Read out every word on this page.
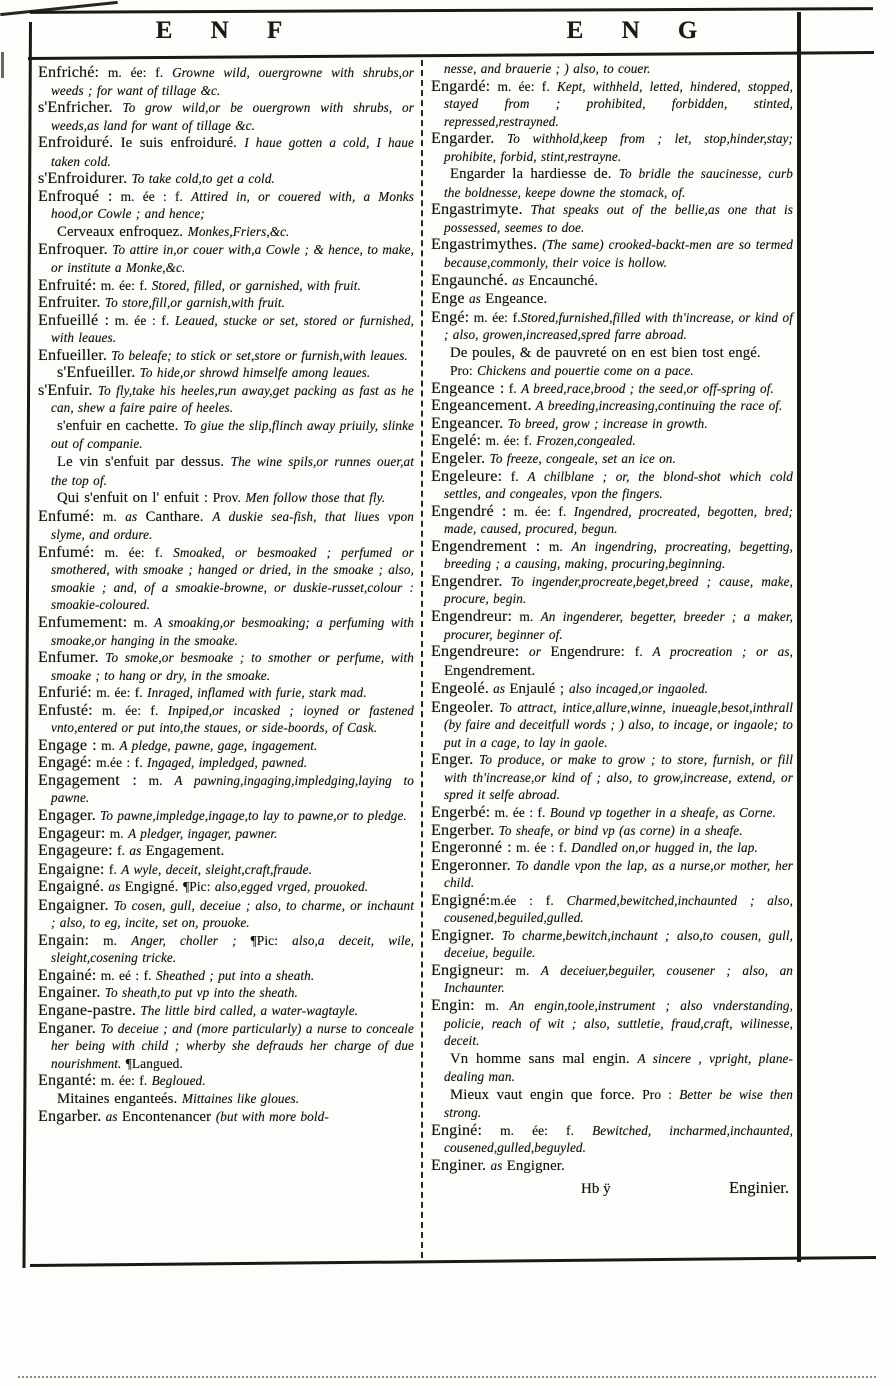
E N F	E N G

Enfriché: m. ée: f. Growne wild, ouergrowne with shrubs,or weeds ; for want of tillage &c.

s'Enfricher. To grow wild,or be ouergrown with shrubs, or weeds,as land for want of tillage &c.

Enfroiduré. Ie suis enfroiduré. I haue gotten a cold, I haue taken cold.

s'Enfroidurer. To take cold,to get a cold.

Enfroqué : m. ée : f. Attired in, or couered with, a Monks hood,or Cowle ; and hence;

Cerveaux enfroquez. Monkes,Friers,&c.

Enfroquer. To attire in,or couer with,a Cowle ; & hence, to make, or institute a Monke,&c.

Enfruité: m. ée: f. Stored, filled, or garnished, with fruit.

Enfruiter. To store,fill,or garnish,with fruit.

Enfueillé : m. ée : f. Leaued, stucke or set, stored or furnished, with leaues.

Enfueiller. To beleafe; to stick or set,store or furnish,with leaues.

s'Enfueiller. To hide,or shrowd himselfe among leaues.

s'Enfuir. To fly,take his heeles,run away,get packing as fast as he can, shew a faire paire of heeles.

s'enfuir en cachette. To giue the slip,flinch away priuily, slinke out of companie.

Le vin s'enfuit par dessus. The wine spils,or runnes ouer,at the top of.

Qui s'enfuit on l' enfuit : Prov. Men follow those that fly.

Enfumé: m. as Canthare. A duskie sea-fish, that liues vpon slyme, and ordure.

Enfumé: m. ée: f. Smoaked, or besmoaked ; perfumed or smothered, with smoake ; hanged or dried, in the smoake ; also, smoakie ; and, of a smoakie-browne, or duskie-russet,colour : smoakie-coloured.

Enfumement: m. A smoaking,or besmoaking; a perfuming with smoake,or hanging in the smoake.

Enfumer. To smoke,or besmoake ; to smother or perfume, with smoake ; to hang or dry, in the smoake.

Enfurié: m. ée: f. Inraged, inflamed with furie, stark mad.

Enfusté: m. ée: f. Inpiped,or incasked ; ioyned or fastened vnto,entered or put into,the staues, or side-boords, of Cask.

Engage : m. A pledge, pawne, gage, ingagement.

Engagé: m.ée : f. Ingaged, impledged, pawned.

Engagement : m. A pawning,ingaging,impledging,laying to pawne.

Engager. To pawne,impledge,ingage,to lay to pawne,or to pledge.

Engageur: m. A pledger, ingager, pawner.

Engageure: f. as Engagement.

Engaigne: f. A wyle, deceit, sleight,craft,fraude.

Engaigné. as Engigné. ¶Pic: also,egged vrged, prouoked.

Engaigner. To cosen, gull, deceiue ; also, to charme, or inchaunt ; also, to eg, incite, set on, prouoke.

Engain: m. Anger, choller ; ¶Pic: also,a deceit, wile, sleight,cosening tricke.

Engainé: m. eé : f. Sheathed ; put into a sheath.

Engainer. To sheath,to put vp into the sheath.

Engane-pastre. The little bird called, a water-wagtayle.

Enganer. To deceiue ; and (more particularly) a nurse to conceale her being with child ; wherby she defrauds her charge of due nourishment. ¶Langued.

Enganté: m. ée: f. Begloued.

Mitaines enganteés. Mittaines like gloues.

Engarber. as Encontenancer (but with more bold-

nesse, and brauerie ; ) also, to couer.

Engardé: m. ée: f. Kept, withheld, letted, hindered, stopped, stayed from ; prohibited, forbidden, stinted, repressed,restrayned.

Engarder. To withhold,keep from ; let, stop,hinder,stay; prohibite, forbid, stint,restrayne.

Engarder la hardiesse de. To bridle the saucinesse, curb the boldnesse, keepe downe the stomack, of.

Engastrimyte. That speaks out of the bellie,as one that is possessed, seemes to doe.

Engastrimythes. (The same) crooked-backt-men are so termed because,commonly, their voice is hollow.

Engaunché. as Encaunché.

Enge as Engeance.

Engé: m. ée: f.Stored,furnished,filled with th'increase, or kind of ; also, growen,increased,spred farre abroad.

De poules, & de pauvreté on en est bien tost engé.

Pro: Chickens and pouertie come on a pace.

Engeance : f. A breed,race,brood ; the seed,or off-spring of.

Engeancement. A breeding,increasing,continuing the race of.

Engeancer. To breed, grow ; increase in growth.

Engelé: m. ée: f. Frozen,congealed.

Engeler. To freeze, congeale, set an ice on.

Engeleure: f. A chilblane ; or, the blond-shot which cold settles, and congeales, vpon the fingers.

Engendré : m. ée: f. Ingendred, procreated, begotten, bred; made, caused, procured, begun.

Engendrement : m. An ingendring, procreating, begetting, breeding ; a causing, making, procuring,beginning.

Engendrer. To ingender,procreate,beget,breed ; cause, make, procure, begin.

Engendreur: m. An ingenderer, begetter, breeder ; a maker, procurer, beginner of.

Engendreure: or Engendrure: f. A procreation ; or as, Engendrement.

Engeolé. as Enjaulé ; also incaged,or ingaoled.

Engeoler. To attract, intice,allure,winne, inueagle,besot,inthrall (by faire and deceitfull words ; ) also, to incage, or ingaole; to put in a cage, to lay in gaole.

Enger. To produce, or make to grow ; to store, furnish, or fill with th'increase,or kind of ; also, to grow,increase, extend, or spred it selfe abroad.

Engerbé: m. ée : f. Bound vp together in a sheafe, as Corne.

Engerber. To sheafe, or bind vp (as corne) in a sheafe.

Engeronné : m. ée : f. Dandled on,or hugged in, the lap.

Engeronner. To dandle vpon the lap, as a nurse,or mother, her child.

Engigné:m.ée : f. Charmed,bewitched,inchaunted ; also, cousened,beguiled,gulled.

Engigner. To charme,bewitch,inchaunt ; also,to cousen, gull, deceiue, beguile.

Engigneur: m. A deceiuer,beguiler, cousener ; also, an Inchaunter.

Engin: m. An engin,toole,instrument ; also vnderstanding, policie, reach of wit ; also, suttletie, fraud,craft, wilinesse, deceit.

Vn homme sans mal engin. A sincere , vpright, plane-dealing man.

Mieux vaut engin que force. Pro : Better be wise then strong.

Enginé: m. ée: f. Bewitched, incharmed,inchaunted, cousened,gulled,beguyled.

Enginer. as Engigner.

Hb ÿ	Enginier.
